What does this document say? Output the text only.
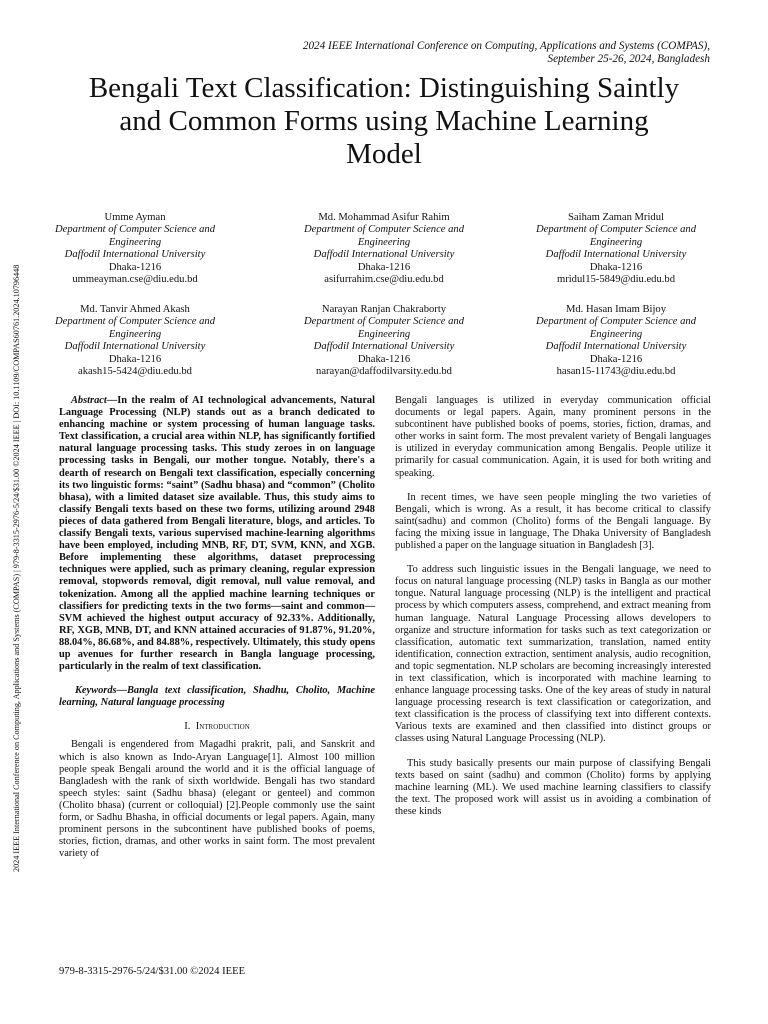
2024 IEEE International Conference on Computing, Applications and Systems (COMPAS),
September 25-26, 2024, Bangladesh
Bengali Text Classification: Distinguishing Saintly
and Common Forms using Machine Learning
Model
2024 IEEE International Conference on Computing, Applications and Systems (COMPAS) | 979-8-3315-2976-5/24/$31.00 ©2024 IEEE | DOI: 10.1109/COMPAS60761.2024.10796448
Umme Ayman
Department of Computer Science and
Engineering
Daffodil International University
Dhaka-1216
ummeayman.cse@diu.edu.bd
Md. Mohammad Asifur Rahim
Department of Computer Science and
Engineering
Daffodil International University
Dhaka-1216
asifurrahim.cse@diu.edu.bd
Saiham Zaman Mridul
Department of Computer Science and
Engineering
Daffodil International University
Dhaka-1216
mridul15-5849@diu.edu.bd
Md. Tanvir Ahmed Akash
Department of Computer Science and
Engineering
Daffodil International University
Dhaka-1216
akash15-5424@diu.edu.bd
Narayan Ranjan Chakraborty
Department of Computer Science and
Engineering
Daffodil International University
Dhaka-1216
narayan@daffodilvarsity.edu.bd
Md. Hasan Imam Bijoy
Department of Computer Science and
Engineering
Daffodil International University
Dhaka-1216
hasan15-11743@diu.edu.bd

Abstract—In the realm of AI technological advancements, Natural Language Processing (NLP) stands out as a branch dedicated to enhancing machine or system processing of human language tasks. Text classification, a crucial area within NLP, has significantly fortified natural language processing tasks. This study zeroes in on language processing tasks in Bengali, our mother tongue. Notably, there's a dearth of research on Bengali text classification, especially concerning its two linguistic forms: “saint” (Sadhu bhasa) and “common” (Cholito bhasa), with a limited dataset size available. Thus, this study aims to classify Bengali texts based on these two forms, utilizing around 2948 pieces of data gathered from Bengali literature, blogs, and articles. To classify Bengali texts, various supervised machine-learning algorithms have been employed, including MNB, RF, DT, SVM, KNN, and XGB. Before implementing these algorithms, dataset preprocessing techniques were applied, such as primary cleaning, regular expression removal, stopwords removal, digit removal, null value removal, and tokenization. Among all the applied machine learning techniques or classifiers for predicting texts in the two forms—saint and common—SVM achieved the highest output accuracy of 92.33%. Additionally, RF, XGB, MNB, DT, and KNN attained accuracies of 91.87%, 91.20%, 88.04%, 86.68%, and 84.88%, respectively. Ultimately, this study opens up avenues for further research in Bangla language processing, particularly in the realm of text classification.

Keywords—Bangla text classification, Shadhu, Cholito, Machine learning, Natural language processing

I. Introduction

Bengali is engendered from Magadhi prakrit, pali, and Sanskrit and which is also known as Indo-Aryan Language[1]. Almost 100 million people speak Bengali around the world and it is the official language of Bangladesh with the rank of sixth worldwide. Bengali has two standard speech styles: saint (Sadhu bhasa) (elegant or genteel) and common (Cholito bhasa) (current or colloquial) [2].People commonly use the saint form, or Sadhu Bhasha, in official documents or legal papers. Again, many prominent persons in the subcontinent have published books of poems, stories, fiction, dramas, and other works in saint form. The most prevalent variety of

Bengali languages is utilized in everyday communication official documents or legal papers. Again, many prominent persons in the subcontinent have published books of poems, stories, fiction, dramas, and other works in saint form. The most prevalent variety of Bengali languages is utilized in everyday communication among Bengalis. People utilize it primarily for casual communication. Again, it is used for both writing and speaking.

In recent times, we have seen people mingling the two varieties of Bengali, which is wrong. As a result, it has become critical to classify saint(sadhu) and common (Cholito) forms of the Bengali language. By facing the mixing issue in language, The Dhaka University of Bangladesh published a paper on the language situation in Bangladesh [3].

To address such linguistic issues in the Bengali language, we need to focus on natural language processing (NLP) tasks in Bangla as our mother tongue. Natural language processing (NLP) is the intelligent and practical process by which computers assess, comprehend, and extract meaning from human language. Natural Language Processing allows developers to organize and structure information for tasks such as text categorization or classification, automatic text summarization, translation, named entity identification, connection extraction, sentiment analysis, audio recognition, and topic segmentation. NLP scholars are becoming increasingly interested in text classification, which is incorporated with machine learning to enhance language processing tasks. One of the key areas of study in natural language processing research is text classification or categorization, and text classification is the process of classifying text into different contexts. Various texts are examined and then classified into distinct groups or classes using Natural Language Processing (NLP).

This study basically presents our main purpose of classifying Bengali texts based on saint (sadhu) and common (Cholito) forms by applying machine learning (ML). We used machine learning classifiers to classify the text. The proposed work will assist us in avoiding a combination of these kinds

979-8-3315-2976-5/24/$31.00 ©2024 IEEE
